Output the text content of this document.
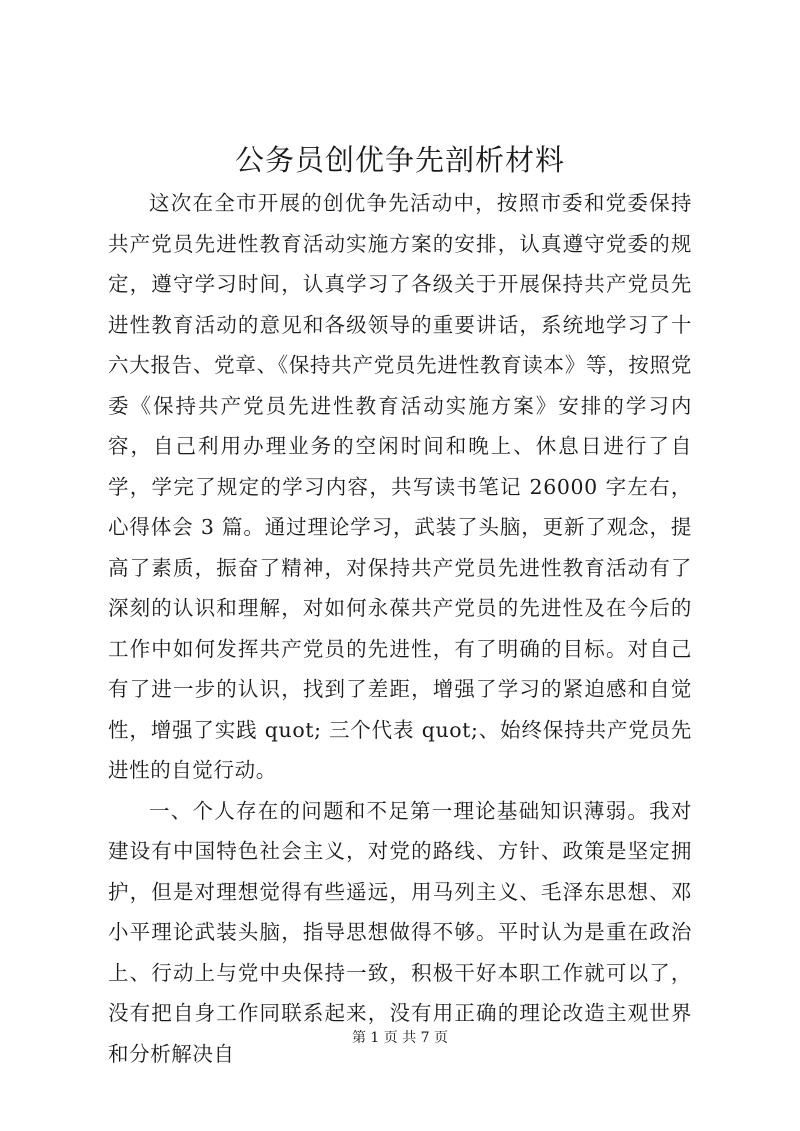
公务员创优争先剖析材料

这次在全市开展的创优争先活动中，按照市委和党委保持共产党员先进性教育活动实施方案的安排，认真遵守党委的规定，遵守学习时间，认真学习了各级关于开展保持共产党员先进性教育活动的意见和各级领导的重要讲话，系统地学习了十六大报告、党章、《保持共产党员先进性教育读本》等，按照党委《保持共产党员先进性教育活动实施方案》安排的学习内容，自己利用办理业务的空闲时间和晚上、休息日进行了自学，学完了规定的学习内容，共写读书笔记 26000 字左右，心得体会 3 篇。通过理论学习，武装了头脑，更新了观念，提高了素质，振奋了精神，对保持共产党员先进性教育活动有了深刻的认识和理解，对如何永葆共产党员的先进性及在今后的工作中如何发挥共产党员的先进性，有了明确的目标。对自己有了进一步的认识，找到了差距，增强了学习的紧迫感和自觉性，增强了实践 quot; 三个代表 quot;、始终保持共产党员先进性的自觉行动。

一、个人存在的问题和不足第一理论基础知识薄弱。我对建设有中国特色社会主义，对党的路线、方针、政策是坚定拥护，但是对理想觉得有些遥远，用马列主义、毛泽东思想、邓小平理论武装头脑，指导思想做得不够。平时认为是重在政治上、行动上与党中央保持一致，积极干好本职工作就可以了，没有把自身工作同联系起来，没有用正确的理论改造主观世界和分析解决自

第 1 页 共 7 页
